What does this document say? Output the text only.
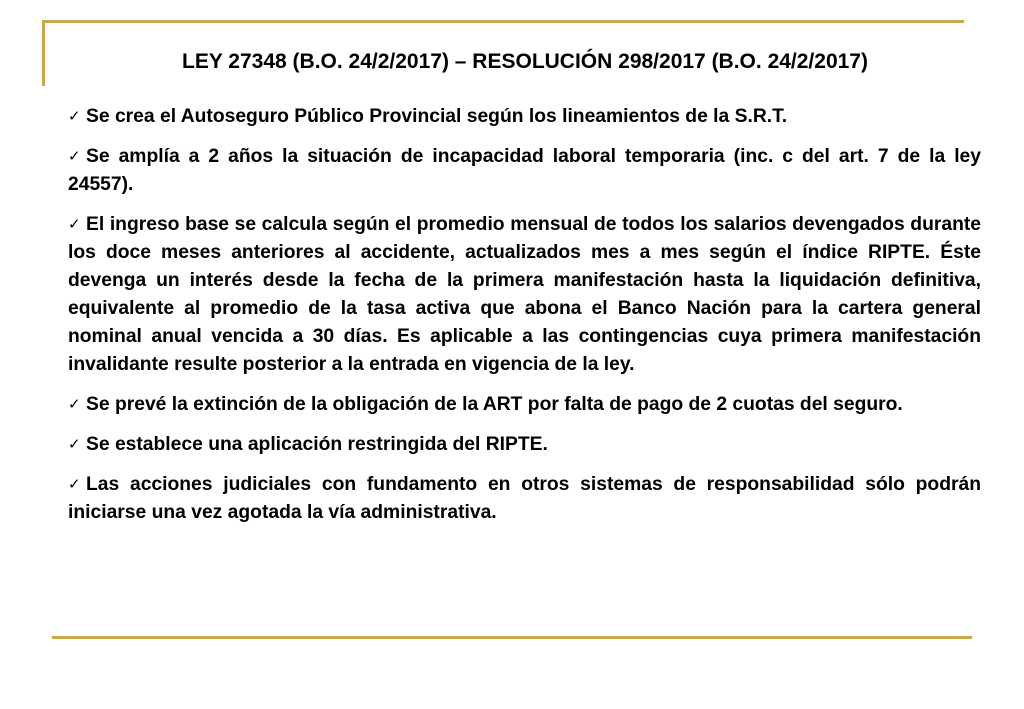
LEY 27348 (B.O. 24/2/2017) – RESOLUCIÓN 298/2017 (B.O. 24/2/2017)
✓ Se crea el Autoseguro Público Provincial según los lineamientos de la S.R.T.
✓ Se amplía a 2 años la situación de incapacidad laboral temporaria (inc. c del art. 7 de la ley 24557).
✓ El ingreso base se calcula según el promedio mensual de todos los salarios devengados durante los doce meses anteriores al accidente, actualizados mes a mes según el índice RIPTE. Éste devenga un interés desde la fecha de la primera manifestación hasta la liquidación definitiva, equivalente al promedio de la tasa activa que abona el Banco Nación para la cartera general nominal anual vencida a 30 días. Es aplicable a las contingencias cuya primera manifestación invalidante resulte posterior a la entrada en vigencia de la ley.
✓ Se prevé la extinción de la obligación de la ART por falta de pago de 2 cuotas del seguro.
✓ Se establece una aplicación restringida del RIPTE.
✓ Las acciones judiciales con fundamento en otros sistemas de responsabilidad sólo podrán iniciarse una vez agotada la vía administrativa.
